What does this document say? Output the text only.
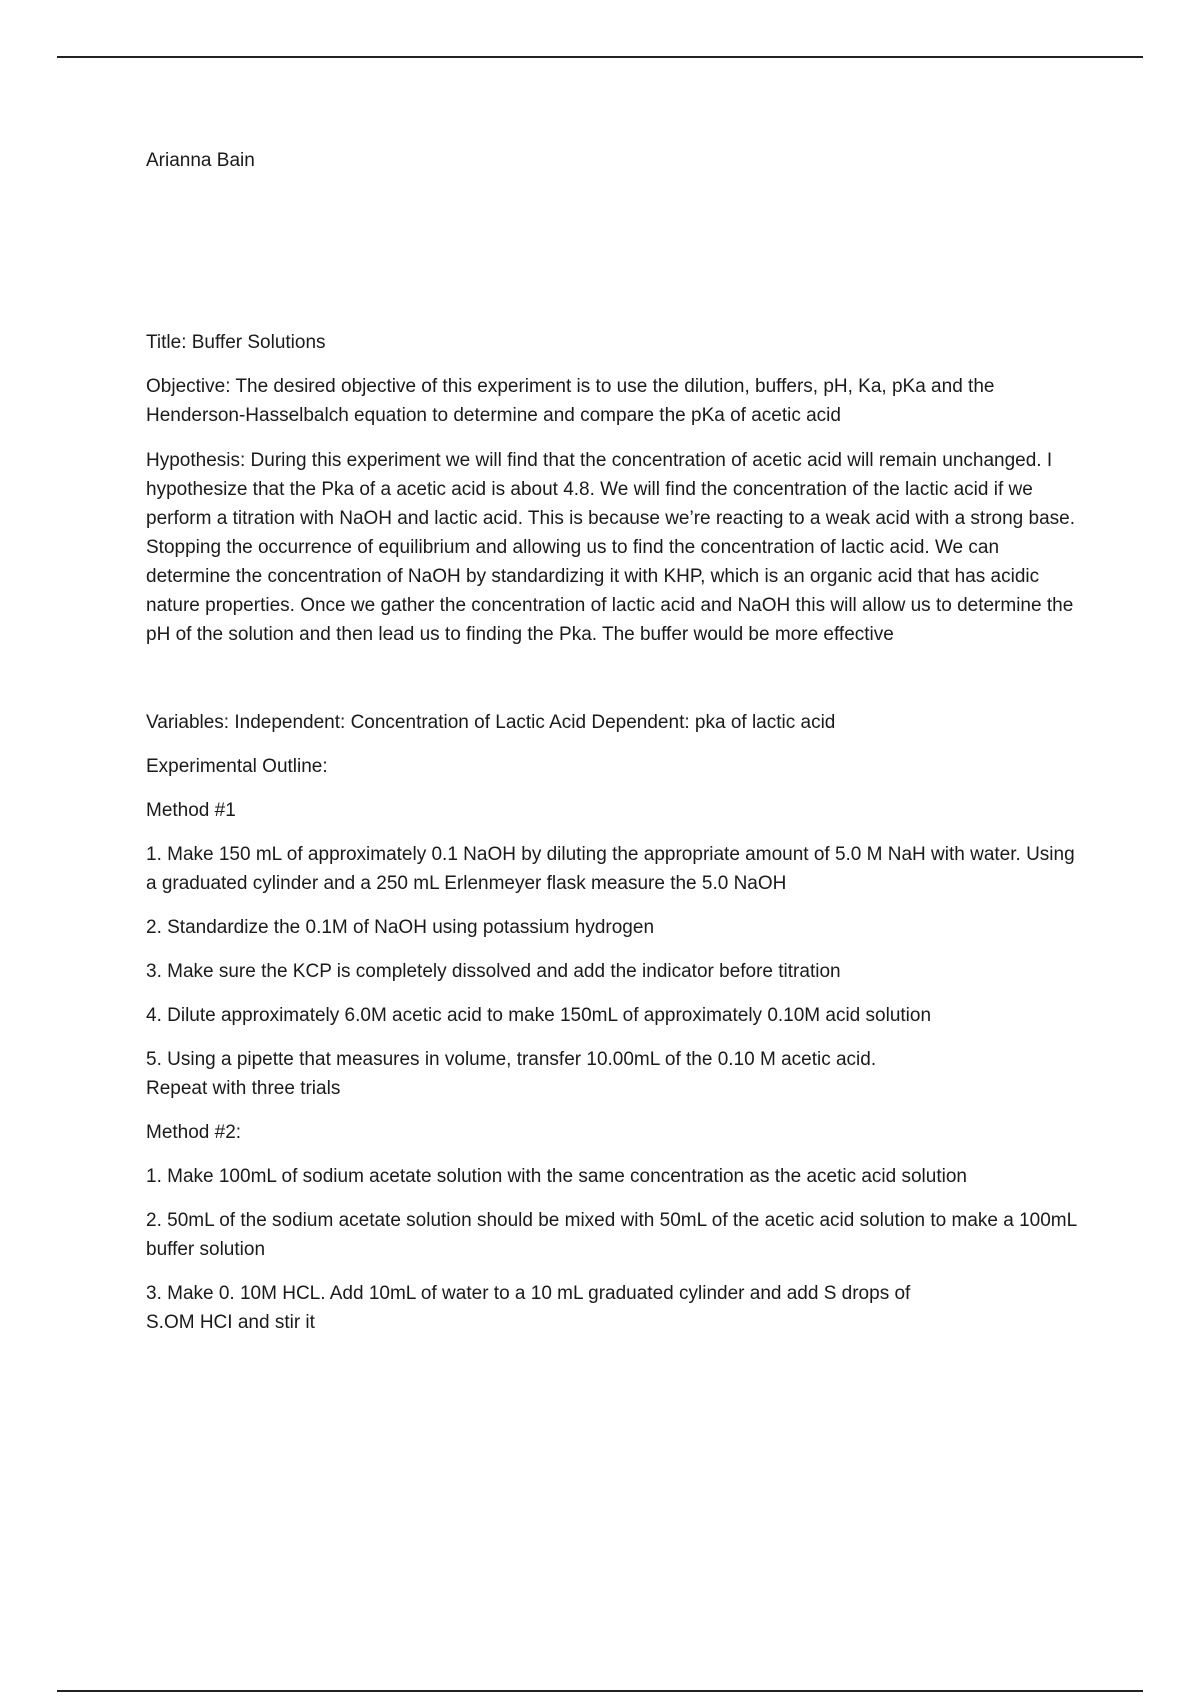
Arianna Bain

Title: Buffer Solutions

Objective: The desired objective of this experiment is to use the dilution, buffers, pH, Ka, pKa and the Henderson-Hasselbalch equation to determine and compare the pKa of acetic acid

Hypothesis: During this experiment we will find that the concentration of acetic acid will remain unchanged. I hypothesize that the Pka of a acetic acid is about 4.8. We will find the concentration of the lactic acid if we perform a titration with NaOH and lactic acid. This is because we’re reacting to a weak acid with a strong base. Stopping the occurrence of equilibrium and allowing us to find the concentration of lactic acid. We can determine the concentration of NaOH by standardizing it with KHP, which is an organic acid that has acidic nature properties. Once we gather the concentration of lactic acid and NaOH this will allow us to determine the pH of the solution and then lead us to finding the Pka. The buffer would be more effective

Variables: Independent: Concentration of Lactic Acid Dependent: pka of lactic acid

Experimental Outline:

Method #1

1. Make 150 mL of approximately 0.1 NaOH by diluting the appropriate amount of 5.0 M NaH with water. Using a graduated cylinder and a 250 mL Erlenmeyer flask measure the 5.0 NaOH

2. Standardize the 0.1M of NaOH using potassium hydrogen

3. Make sure the KCP is completely dissolved and add the indicator before titration

4. Dilute approximately 6.0M acetic acid to make 150mL of approximately 0.10M acid solution

5. Using a pipette that measures in volume, transfer 10.00mL of the 0.10 M acetic acid.
Repeat with three trials

Method #2:

1. Make 100mL of sodium acetate solution with the same concentration as the acetic acid solution

2. 50mL of the sodium acetate solution should be mixed with 50mL of the acetic acid solution to make a 100mL buffer solution

3. Make 0. 10M HCL. Add 10mL of water to a 10 mL graduated cylinder and add S drops of
S.OM HCI and stir it
